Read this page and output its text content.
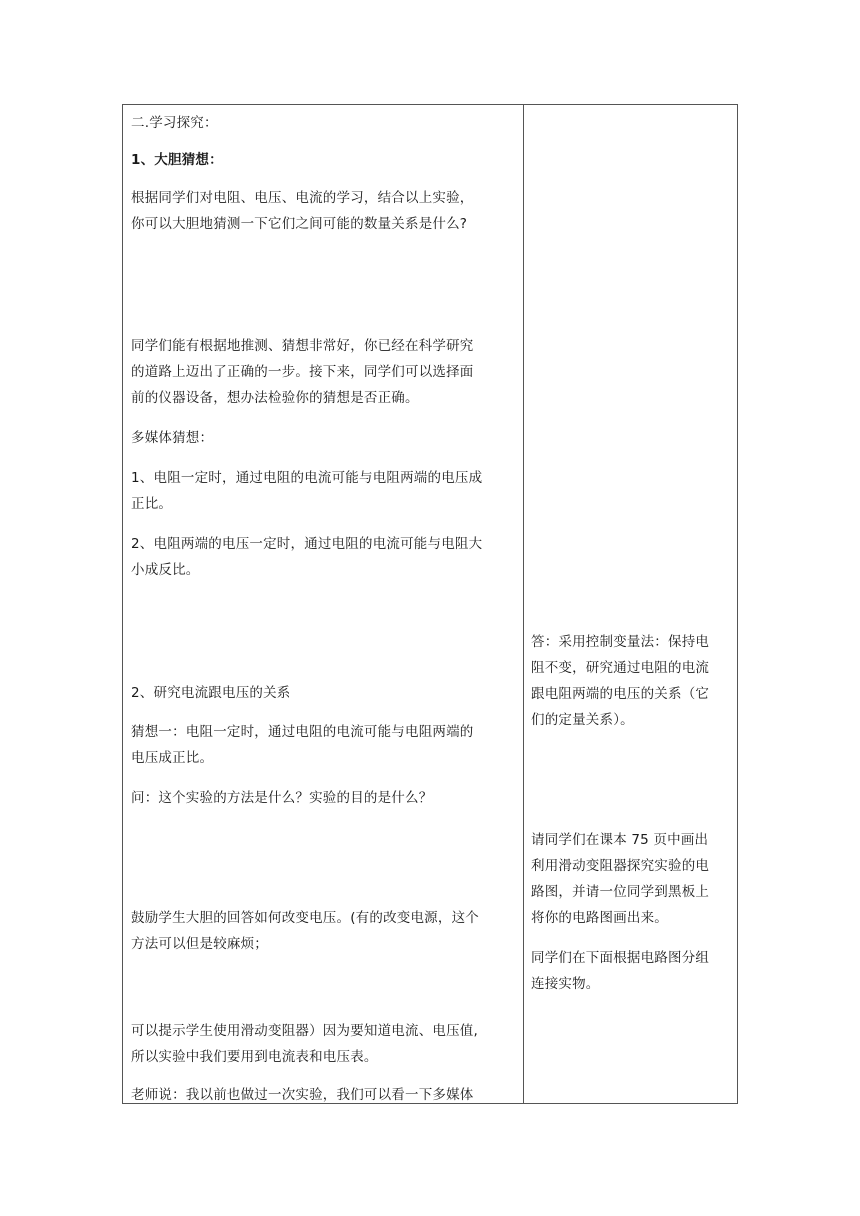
二.学习探究：

1、大胆猜想：

根据同学们对电阻、电压、电流的学习，结合以上实验，

你可以大胆地猜测一下它们之间可能的数量关系是什么?

同学们能有根据地推测、猜想非常好，你已经在科学研究

的道路上迈出了正确的一步。接下来，同学们可以选择面

前的仪器设备，想办法检验你的猜想是否正确。

多媒体猜想：

1、电阻一定时，通过电阻的电流可能与电阻两端的电压成

正比。

2、电阻两端的电压一定时，通过电阻的电流可能与电阻大

小成反比。

2、研究电流跟电压的关系

猜想一：电阻一定时，通过电阻的电流可能与电阻两端的

电压成正比。

问：这个实验的方法是什么？实验的目的是什么？

鼓励学生大胆的回答如何改变电压。(有的改变电源，这个

方法可以但是较麻烦；

可以提示学生使用滑动变阻器）因为要知道电流、电压值,

所以实验中我们要用到电流表和电压表。

老师说：我以前也做过一次实验，我们可以看一下多媒体

答：采用控制变量法：保持电

阻不变，研究通过电阻的电流

跟电阻两端的电压的关系（它

们的定量关系）。

请同学们在课本 75 页中画出

利用滑动变阻器探究实验的电

路图，并请一位同学到黑板上

将你的电路图画出来。

同学们在下面根据电路图分组

连接实物。
